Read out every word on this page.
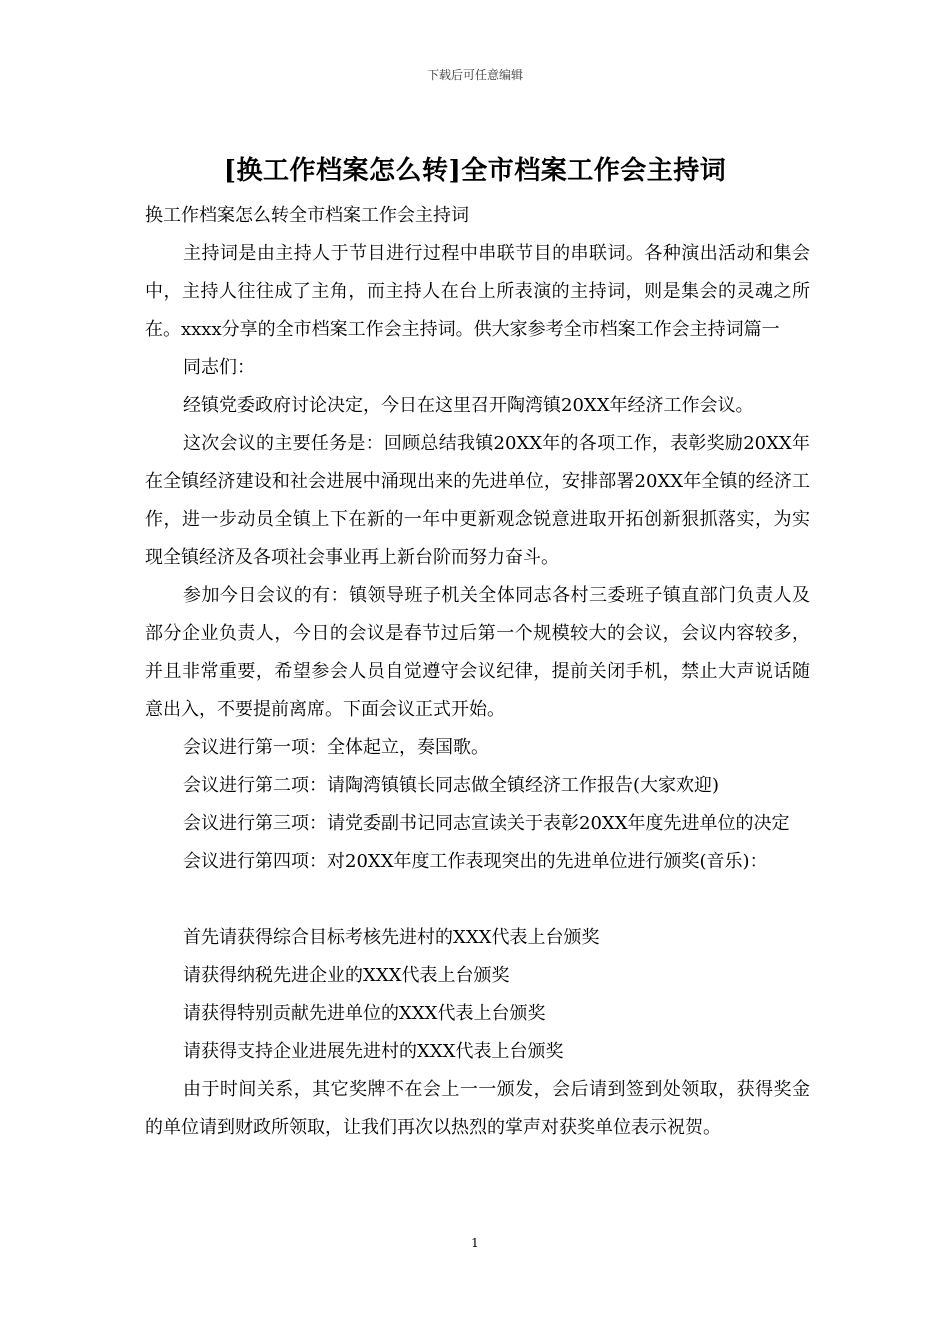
下载后可任意编辑
[换工作档案怎么转]全市档案工作会主持词

换工作档案怎么转全市档案工作会主持词

主持词是由主持人于节目进行过程中串联节目的串联词。各种演出活动和集会中，主持人往往成了主角，而主持人在台上所表演的主持词，则是集会的灵魂之所在。xxxx分享的全市档案工作会主持词。供大家参考全市档案工作会主持词篇一

同志们：

经镇党委政府讨论决定，今日在这里召开陶湾镇20XX年经济工作会议。

这次会议的主要任务是：回顾总结我镇20XX年的各项工作，表彰奖励20XX年在全镇经济建设和社会进展中涌现出来的先进单位，安排部署20XX年全镇的经济工作，进一步动员全镇上下在新的一年中更新观念锐意进取开拓创新狠抓落实，为实现全镇经济及各项社会事业再上新台阶而努力奋斗。

参加今日会议的有：镇领导班子机关全体同志各村三委班子镇直部门负责人及部分企业负责人，今日的会议是春节过后第一个规模较大的会议，会议内容较多，并且非常重要，希望参会人员自觉遵守会议纪律，提前关闭手机，禁止大声说话随意出入，不要提前离席。下面会议正式开始。

会议进行第一项：全体起立，奏国歌。

会议进行第二项：请陶湾镇镇长同志做全镇经济工作报告(大家欢迎)

会议进行第三项：请党委副书记同志宣读关于表彰20XX年度先进单位的决定

会议进行第四项：对20XX年度工作表现突出的先进单位进行颁奖(音乐)：

首先请获得综合目标考核先进村的XXX代表上台颁奖

请获得纳税先进企业的XXX代表上台颁奖

请获得特别贡献先进单位的XXX代表上台颁奖

请获得支持企业进展先进村的XXX代表上台颁奖

由于时间关系，其它奖牌不在会上一一颁发，会后请到签到处领取，获得奖金的单位请到财政所领取，让我们再次以热烈的掌声对获奖单位表示祝贺。

1
